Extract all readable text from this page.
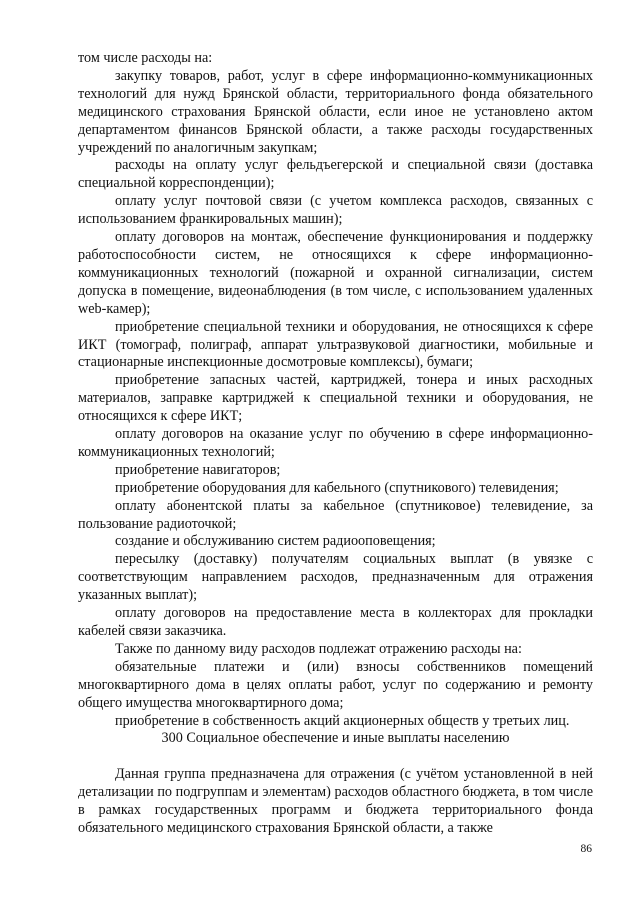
том числе расходы на:

закупку товаров, работ, услуг в сфере информационно-коммуникационных технологий для нужд Брянской области, территориального фонда обязательного медицинского страхования Брянской области, если иное не установлено актом департаментом финансов Брянской области, а также расходы государственных учреждений по аналогичным закупкам;

расходы на оплату услуг фельдъегерской и специальной связи (доставка специальной корреспонденции);

оплату услуг почтовой связи (с учетом комплекса расходов, связанных с использованием франкировальных машин);

оплату договоров на монтаж, обеспечение функционирования и поддержку работоспособности систем, не относящихся к сфере информационно-коммуникационных технологий (пожарной и охранной сигнализации, систем допуска в помещение, видеонаблюдения (в том числе, с использованием удаленных web-камер);

приобретение специальной техники и оборудования, не относящихся к сфере ИКТ (томограф, полиграф, аппарат ультразвуковой диагностики, мобильные и стационарные инспекционные досмотровые комплексы), бумаги;

приобретение запасных частей, картриджей, тонера и иных расходных материалов, заправке картриджей к специальной техники и оборудования, не относящихся к сфере ИКТ;

оплату договоров на оказание услуг по обучению в сфере информационно-коммуникационных технологий;

приобретение навигаторов;

приобретение оборудования для кабельного (спутникового) телевидения;

оплату абонентской платы за кабельное (спутниковое) телевидение, за пользование радиоточкой;

создание и обслуживанию систем радиооповещения;

пересылку (доставку) получателям социальных выплат (в увязке с соответствующим направлением расходов, предназначенным для отражения указанных выплат);

оплату договоров на предоставление места в коллекторах для прокладки кабелей связи заказчика.

Также по данному виду расходов подлежат отражению расходы на:

обязательные платежи и (или) взносы собственников помещений многоквартирного дома в целях оплаты работ, услуг по содержанию и ремонту общего имущества многоквартирного дома;

приобретение в собственность акций акционерных обществ у третьих лиц.

300 Социальное обеспечение и иные выплаты населению

Данная группа предназначена для отражения (с учётом установленной в ней детализации по подгруппам и элементам) расходов областного бюджета, в том числе в рамках государственных программ и бюджета территориального фонда обязательного медицинского страхования Брянской области, а также

86
